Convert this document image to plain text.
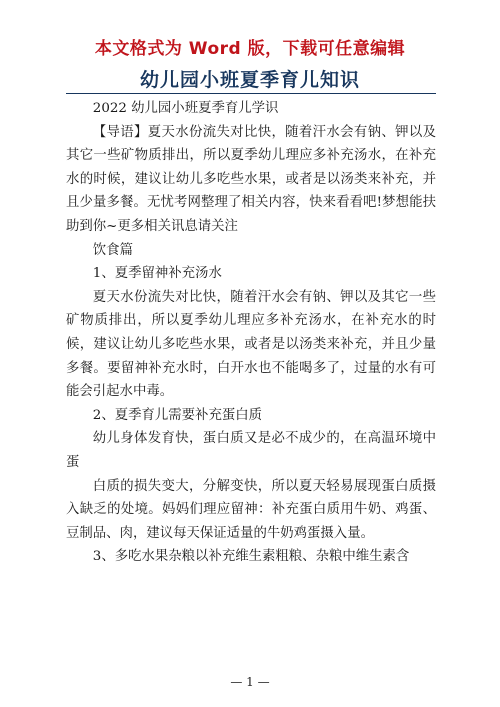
本文格式为 Word 版，下载可任意编辑
幼儿园小班夏季育儿知识

2022 幼儿园小班夏季育儿学识

【导语】夏天水份流失对比快，随着汗水会有钠、钾以及其它一些矿物质排出，所以夏季幼儿理应多补充汤水，在补充水的时候，建议让幼儿多吃些水果，或者是以汤类来补充，并且少量多餐。无忧考网整理了相关内容，快来看看吧!梦想能扶助到你~更多相关讯息请关注

饮食篇

1、夏季留神补充汤水

夏天水份流失对比快，随着汗水会有钠、钾以及其它一些矿物质排出，所以夏季幼儿理应多补充汤水，在补充水的时候，建议让幼儿多吃些水果，或者是以汤类来补充，并且少量多餐。要留神补充水时，白开水也不能喝多了，过量的水有可能会引起水中毒。

2、夏季育儿需要补充蛋白质

幼儿身体发育快，蛋白质又是必不成少的，在高温环境中蛋

白质的损失变大，分解变快，所以夏天轻易展现蛋白质摄入缺乏的处境。妈妈们理应留神：补充蛋白质用牛奶、鸡蛋、豆制品、肉，建议每天保证适量的牛奶鸡蛋摄入量。

3、多吃水果杂粮以补充维生素粗粮、杂粮中维生素含

— 1 —
